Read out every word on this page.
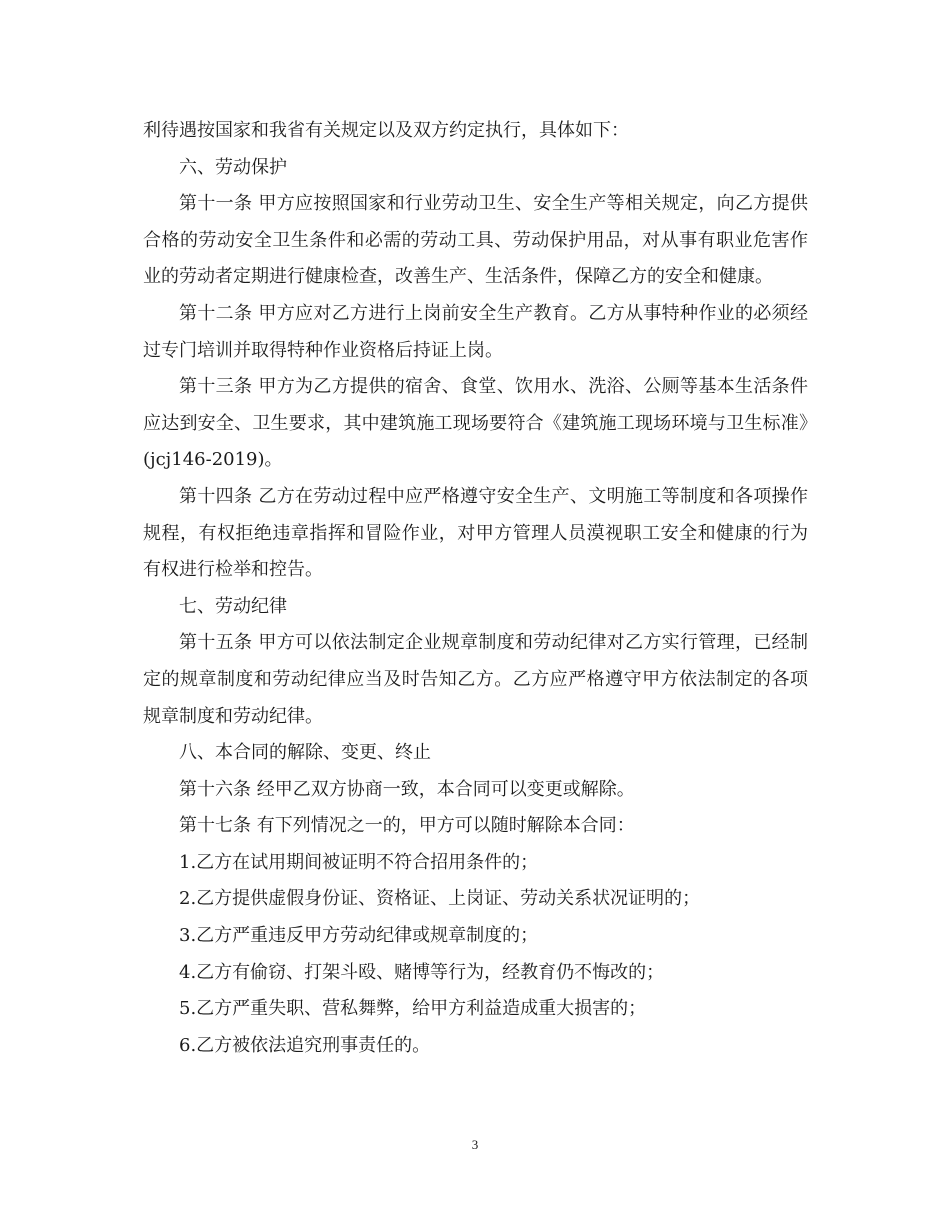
利待遇按国家和我省有关规定以及双方约定执行，具体如下：

六、劳动保护

第十一条 甲方应按照国家和行业劳动卫生、安全生产等相关规定，向乙方提供合格的劳动安全卫生条件和必需的劳动工具、劳动保护用品，对从事有职业危害作业的劳动者定期进行健康检查，改善生产、生活条件，保障乙方的安全和健康。

第十二条 甲方应对乙方进行上岗前安全生产教育。乙方从事特种作业的必须经过专门培训并取得特种作业资格后持证上岗。

第十三条 甲方为乙方提供的宿舍、食堂、饮用水、洗浴、公厕等基本生活条件应达到安全、卫生要求，其中建筑施工现场要符合《建筑施工现场环境与卫生标准》(jcj146-2019)。

第十四条 乙方在劳动过程中应严格遵守安全生产、文明施工等制度和各项操作规程，有权拒绝违章指挥和冒险作业，对甲方管理人员漠视职工安全和健康的行为有权进行检举和控告。

七、劳动纪律

第十五条 甲方可以依法制定企业规章制度和劳动纪律对乙方实行管理，已经制定的规章制度和劳动纪律应当及时告知乙方。乙方应严格遵守甲方依法制定的各项规章制度和劳动纪律。

八、本合同的解除、变更、终止

第十六条 经甲乙双方协商一致，本合同可以变更或解除。

第十七条 有下列情况之一的，甲方可以随时解除本合同：

1.乙方在试用期间被证明不符合招用条件的；

2.乙方提供虚假身份证、资格证、上岗证、劳动关系状况证明的；

3.乙方严重违反甲方劳动纪律或规章制度的；

4.乙方有偷窃、打架斗殴、赌博等行为，经教育仍不悔改的；

5.乙方严重失职、营私舞弊，给甲方利益造成重大损害的；

6.乙方被依法追究刑事责任的。

3
